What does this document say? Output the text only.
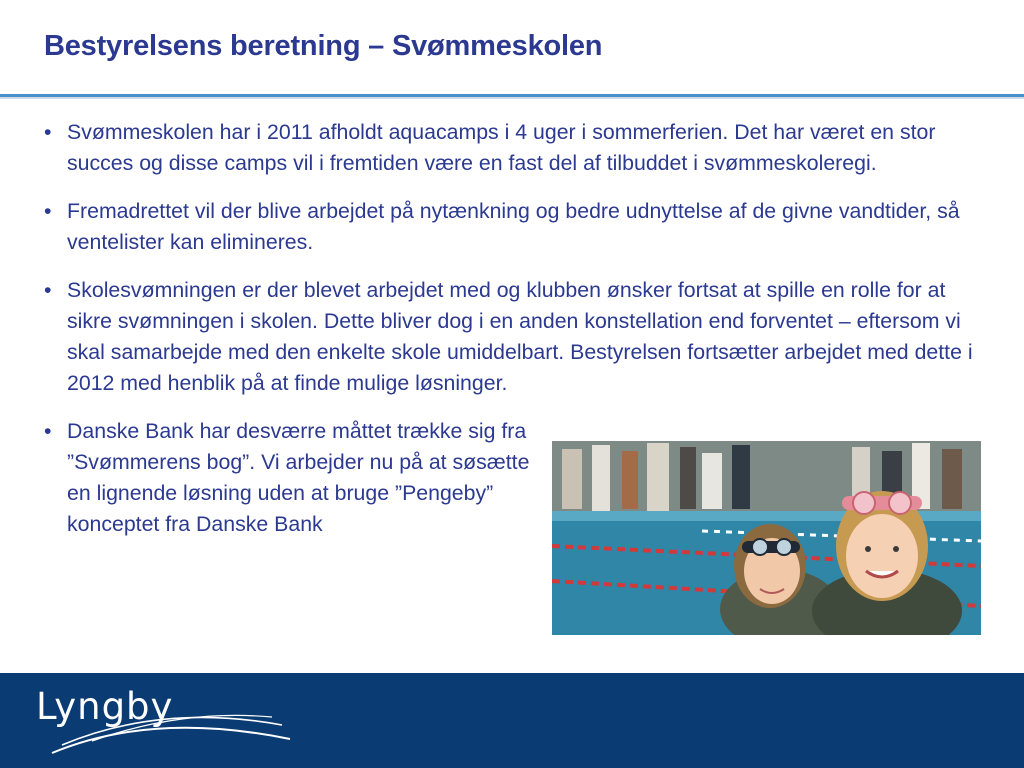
Bestyrelsens beretning – Svømmeskolen
• Svømmeskolen har i 2011 afholdt aquacamps i 4 uger i sommerferien. Det har været en stor succes og disse camps vil i fremtiden være en fast del af tilbuddet i svømmeskoleregi.
• Fremadrettet vil der blive arbejdet på nytænkning og bedre udnyttelse af de givne vandtider, så ventelister kan elimineres.
• Skolesvømningen er der blevet arbejdet med og klubben ønsker fortsat at spille en rolle for at sikre svømningen i skolen. Dette bliver dog i en anden konstellation end forventet – eftersom vi skal samarbejde med den enkelte skole umiddelbart. Bestyrelsen fortsætter arbejdet med dette i 2012 med henblik på at finde mulige løsninger.
• Danske Bank har desværre måttet trække sig fra ”Svømmerens bog”. Vi arbejder nu på at søsætte en lignende løsning uden at bruge ”Pengeby” konceptet fra Danske Bank
Lyngby
